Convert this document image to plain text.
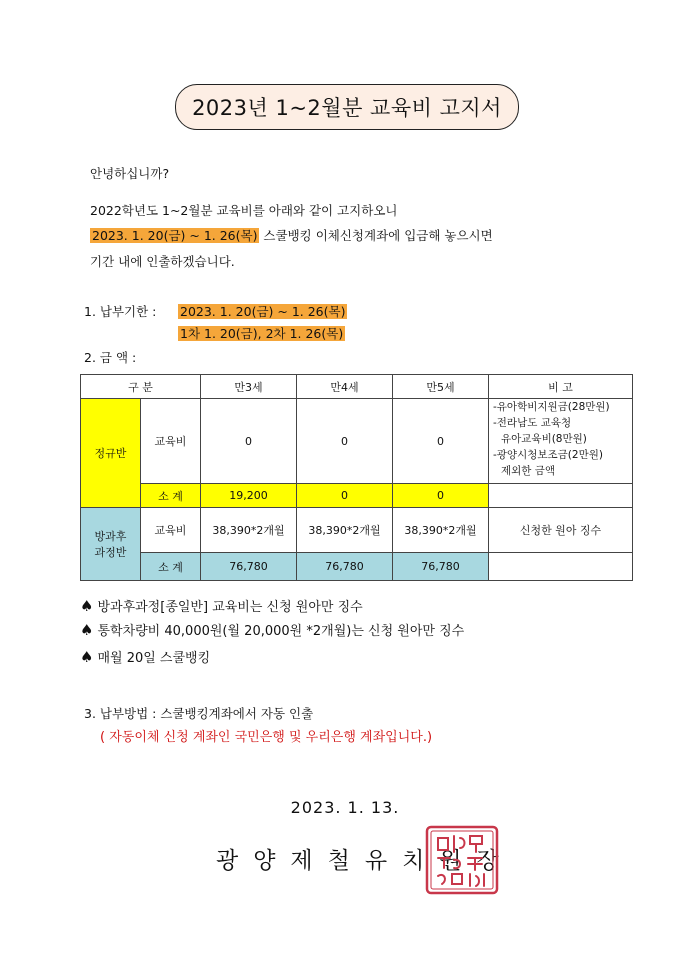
2023년 1~2월분 교육비 고지서
안녕하십니까?
2022학년도 1~2월분 교육비를 아래와 같이 고지하오니
2023. 1. 20(금) ~ 1. 26(목) 스쿨뱅킹 이체신청계좌에 입금해 놓으시면
기간 내에 인출하겠습니다.
1. 납부기한 : 2023. 1. 20(금) ~ 1. 26(목)
1차 1. 20(금), 2차 1. 26(목)
2. 금 액 :
구 분		만3세	만4세	만5세	비 고
정규반	교육비	0	0	0	-유아학비지원금(28만원)
-전라남도 교육청
유아교육비(8만원)
-광양시청보조금(2만원)
제외한 금액

	소 계	19,200	0	0	

방과후
과정반	교육비	38,390*2개월	38,390*2개월	38,390*2개월	신청한 원아 징수
	소 계	76,780	76,780	76,780	
♠ 방과후과정[종일반] 교육비는 신청 원아만 징수
♠ 통학차량비 40,000원(월 20,000원 *2개월)는 신청 원아만 징수
♠ 매월 20일 스쿨뱅킹
3. 납부방법 : 스쿨뱅킹계좌에서 자동 인출
( 자동이체 신청 계좌인 국민은행 및 우리은행 계좌입니다.)
2023. 1. 13.
광양제철유치원장
